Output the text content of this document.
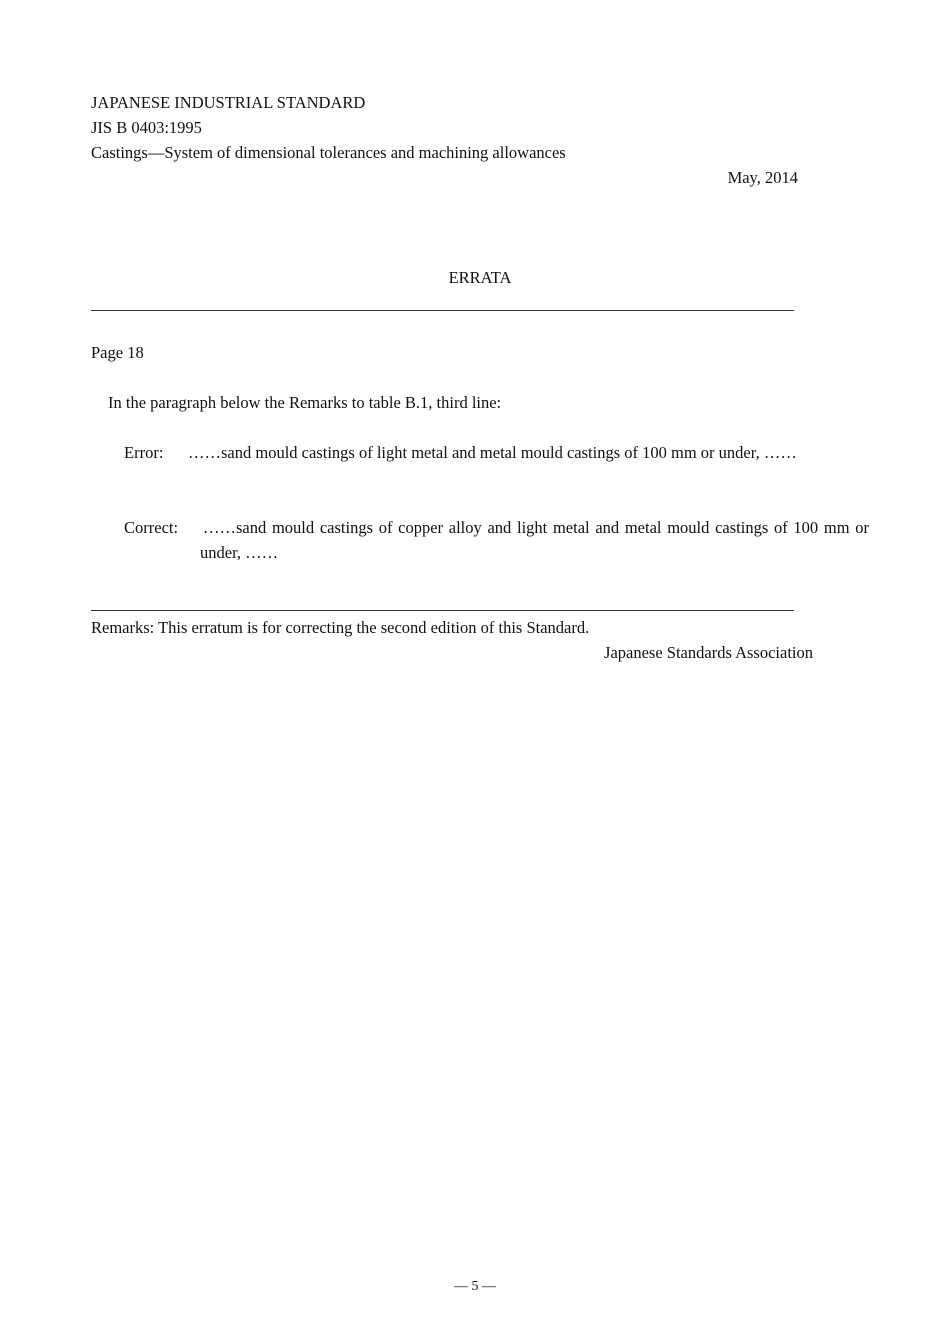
JAPANESE INDUSTRIAL STANDARD
JIS B 0403:1995
Castings—System of dimensional tolerances and machining allowances
May, 2014
ERRATA
Page 18
In the paragraph below the Remarks to table B.1, third line:
Error: ……sand mould castings of light metal and metal mould castings of 100 mm or under, ……
Correct: ……sand mould castings of copper alloy and light metal and metal mould castings of 100 mm or under, ……
Remarks: This erratum is for correcting the second edition of this Standard.
Japanese Standards Association
― 5 ―
